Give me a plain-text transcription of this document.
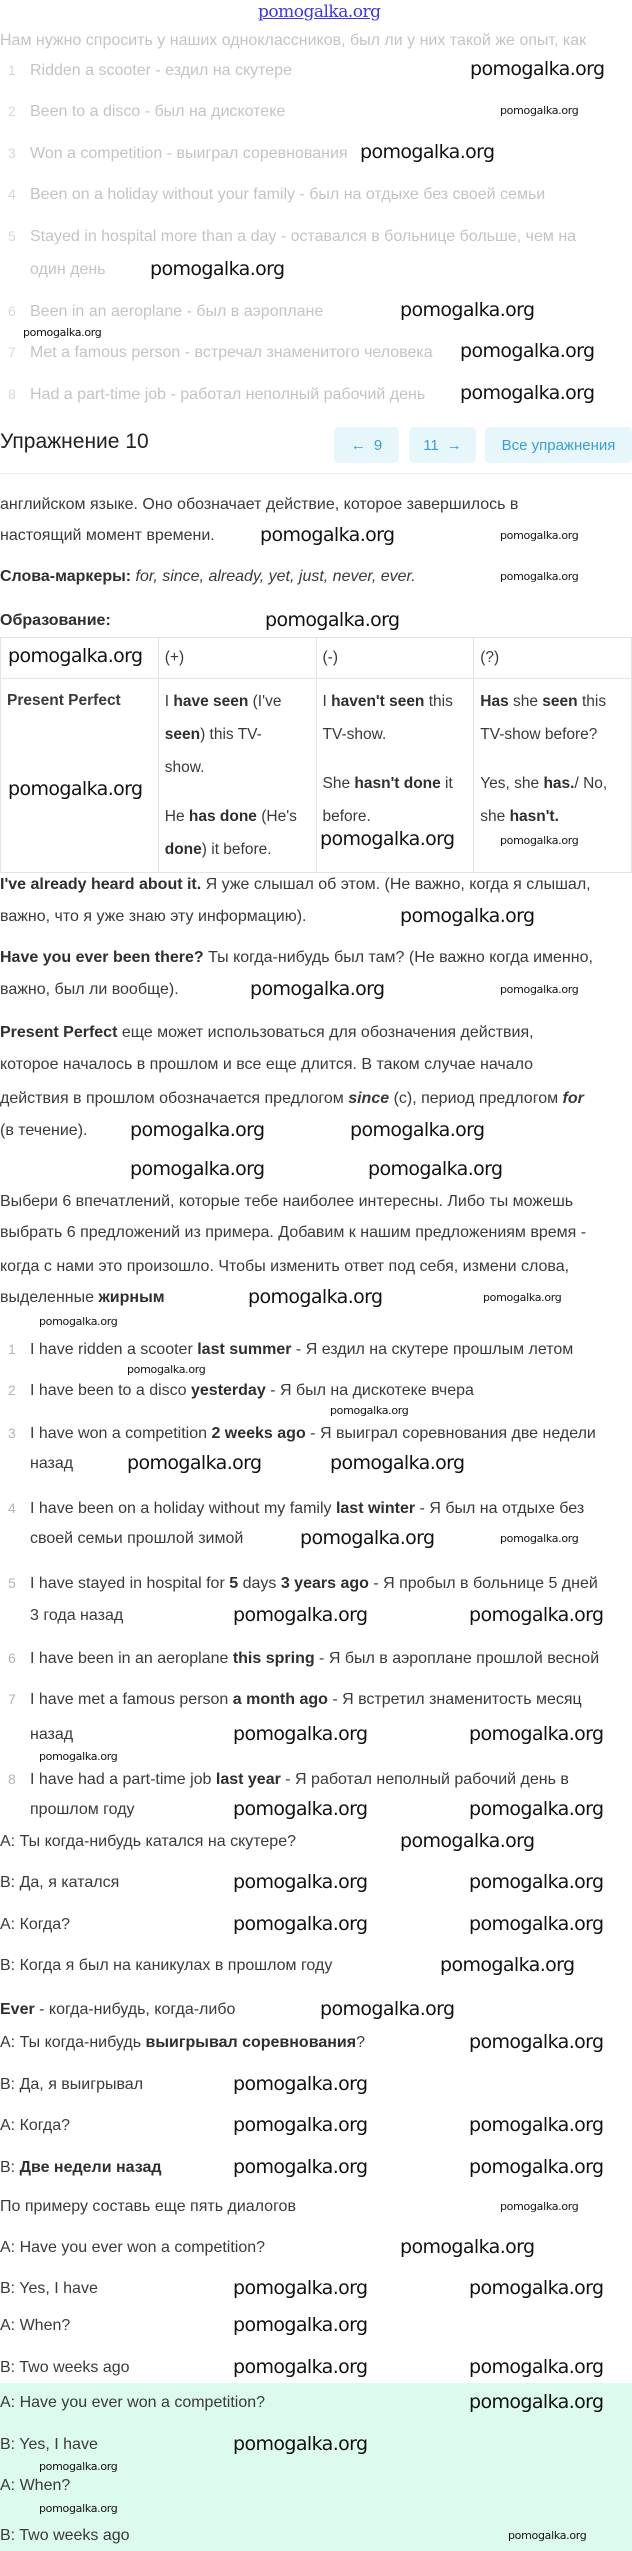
pomogalka.org
Нам нужно спросить у наших одноклассников, был ли у них такой же опыт, как
1 Ridden a scooter - ездил на скутере
2 Been to a disco - был на дискотеке
3 Won a competition - выиграл соревнования
4 Been on a holiday without your family - был на отдыхе без своей семьи
5 Stayed in hospital more than a day - оставался в больнице больше, чем на
один день
6 Been in an aeroplane - был в аэроплане
7 Met a famous person - встречал знаменитого человека
8 Had a part-time job - работал неполный рабочий день
Упражнение 10	← 9	11 →	Все упражнения
английском языке. Оно обозначает действие, которое завершилось в
настоящий момент времени.
Слова-маркеры: for, since, already, yet, just, never, ever.
Образование:
	(+)	(-)	(?)
Present Perfect	I have seen (I've
seen) this TV-
show.
He has done (He's
done) it before.	I haven't seen this
TV-show.
She hasn't done it
before.	Has she seen this
TV-show before?
Yes, she has./ No,
she hasn't.
I've already heard about it. Я уже слышал об этом. (Не важно, когда я слышал,
важно, что я уже знаю эту информацию).
Have you ever been there? Ты когда-нибудь был там? (Не важно когда именно,
важно, был ли вообще).
Present Perfect еще может использоваться для обозначения действия,
которое началось в прошлом и все еще длится. В таком случае начало
действия в прошлом обозначается предлогом since (с), период предлогом for
(в течение).
Выбери 6 впечатлений, которые тебе наиболее интересны. Либо ты можешь
выбрать 6 предложений из примера. Добавим к нашим предложениям время -
когда с нами это произошло. Чтобы изменить ответ под себя, измени слова,
выделенные жирным
1 I have ridden a scooter last summer - Я ездил на скутере прошлым летом
2 I have been to a disco yesterday - Я был на дискотеке вчера
3 I have won a competition 2 weeks ago - Я выиграл соревнования две недели
назад
4 I have been on a holiday without my family last winter - Я был на отдыхе без
своей семьи прошлой зимой
5 I have stayed in hospital for 5 days 3 years ago - Я пробыл в больнице 5 дней
3 года назад
6 I have been in an aeroplane this spring - Я был в аэроплане прошлой весной
7 I have met a famous person a month ago - Я встретил знаменитость месяц
назад
8 I have had a part-time job last year - Я работал неполный рабочий день в
прошлом году
A: Ты когда-нибудь катался на скутере?
B: Да, я катался
A: Когда?
B: Когда я был на каникулах в прошлом году
Ever - когда-нибудь, когда-либо
A: Ты когда-нибудь выигрывал соревнования?
B: Да, я выигрывал
A: Когда?
B: Две недели назад
По примеру составь еще пять диалогов
A: Have you ever won a competition?
B: Yes, I have
A: When?
B: Two weeks ago
A: Have you ever won a competition?
B: Yes, I have
A: When?
B: Two weeks ago
pomogalka.org
pomogalka.org
pomogalka.org
pomogalka.org
pomogalka.org
pomogalka.org
pomogalka.org
pomogalka.org
pomogalka.org
pomogalka.org
pomogalka.org
pomogalka.org
pomogalka.org
pomogalka.org	pomogalka.org
pomogalka.org	pomogalka.org
pomogalka.org
pomogalka.org	pomogalka.org
pomogalka.org
pomogalka.org	pomogalka.org
pomogalka.org	pomogalka.org
pomogalka.org	pomogalka.org
pomogalka.org
pomogalka.org	pomogalka.org
pomogalka.org	pomogalka.org
pomogalka.org
pomogalka.org
pomogalka.org
pomogalka.org
pomogalka.org	pomogalka.org
pomogalka.org	pomogalka.org
pomogalka.org
pomogalka.org	pomogalka.org
pomogalka.org
pomogalka.org	pomogalka.org
pomogalka.org
pomogalka.org
pomogalka.org
pomogalka.org
pomogalka.org
pomogalka.org
pomogalka.org
pomogalka.org
pomogalka.org
pomogalka.org
pomogalka.org
pomogalka.org
pomogalka.org
pomogalka.org
pomogalka.org
pomogalka.org
pomogalka.org
pomogalka.org
